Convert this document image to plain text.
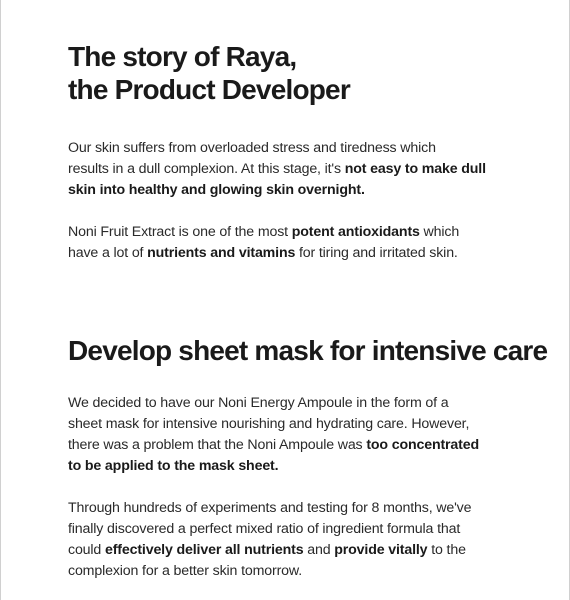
The story of Raya,
the Product Developer

Our skin suffers from overloaded stress and tiredness which
results in a dull complexion. At this stage, it's not easy to make dull
skin into healthy and glowing skin overnight.

Noni Fruit Extract is one of the most potent antioxidants which
have a lot of nutrients and vitamins for tiring and irritated skin.

Develop sheet mask for intensive care

We decided to have our Noni Energy Ampoule in the form of a
sheet mask for intensive nourishing and hydrating care. However,
there was a problem that the Noni Ampoule was too concentrated
to be applied to the mask sheet.

Through hundreds of experiments and testing for 8 months, we've
finally discovered a perfect mixed ratio of ingredient formula that
could effectively deliver all nutrients and provide vitally to the
complexion for a better skin tomorrow.
